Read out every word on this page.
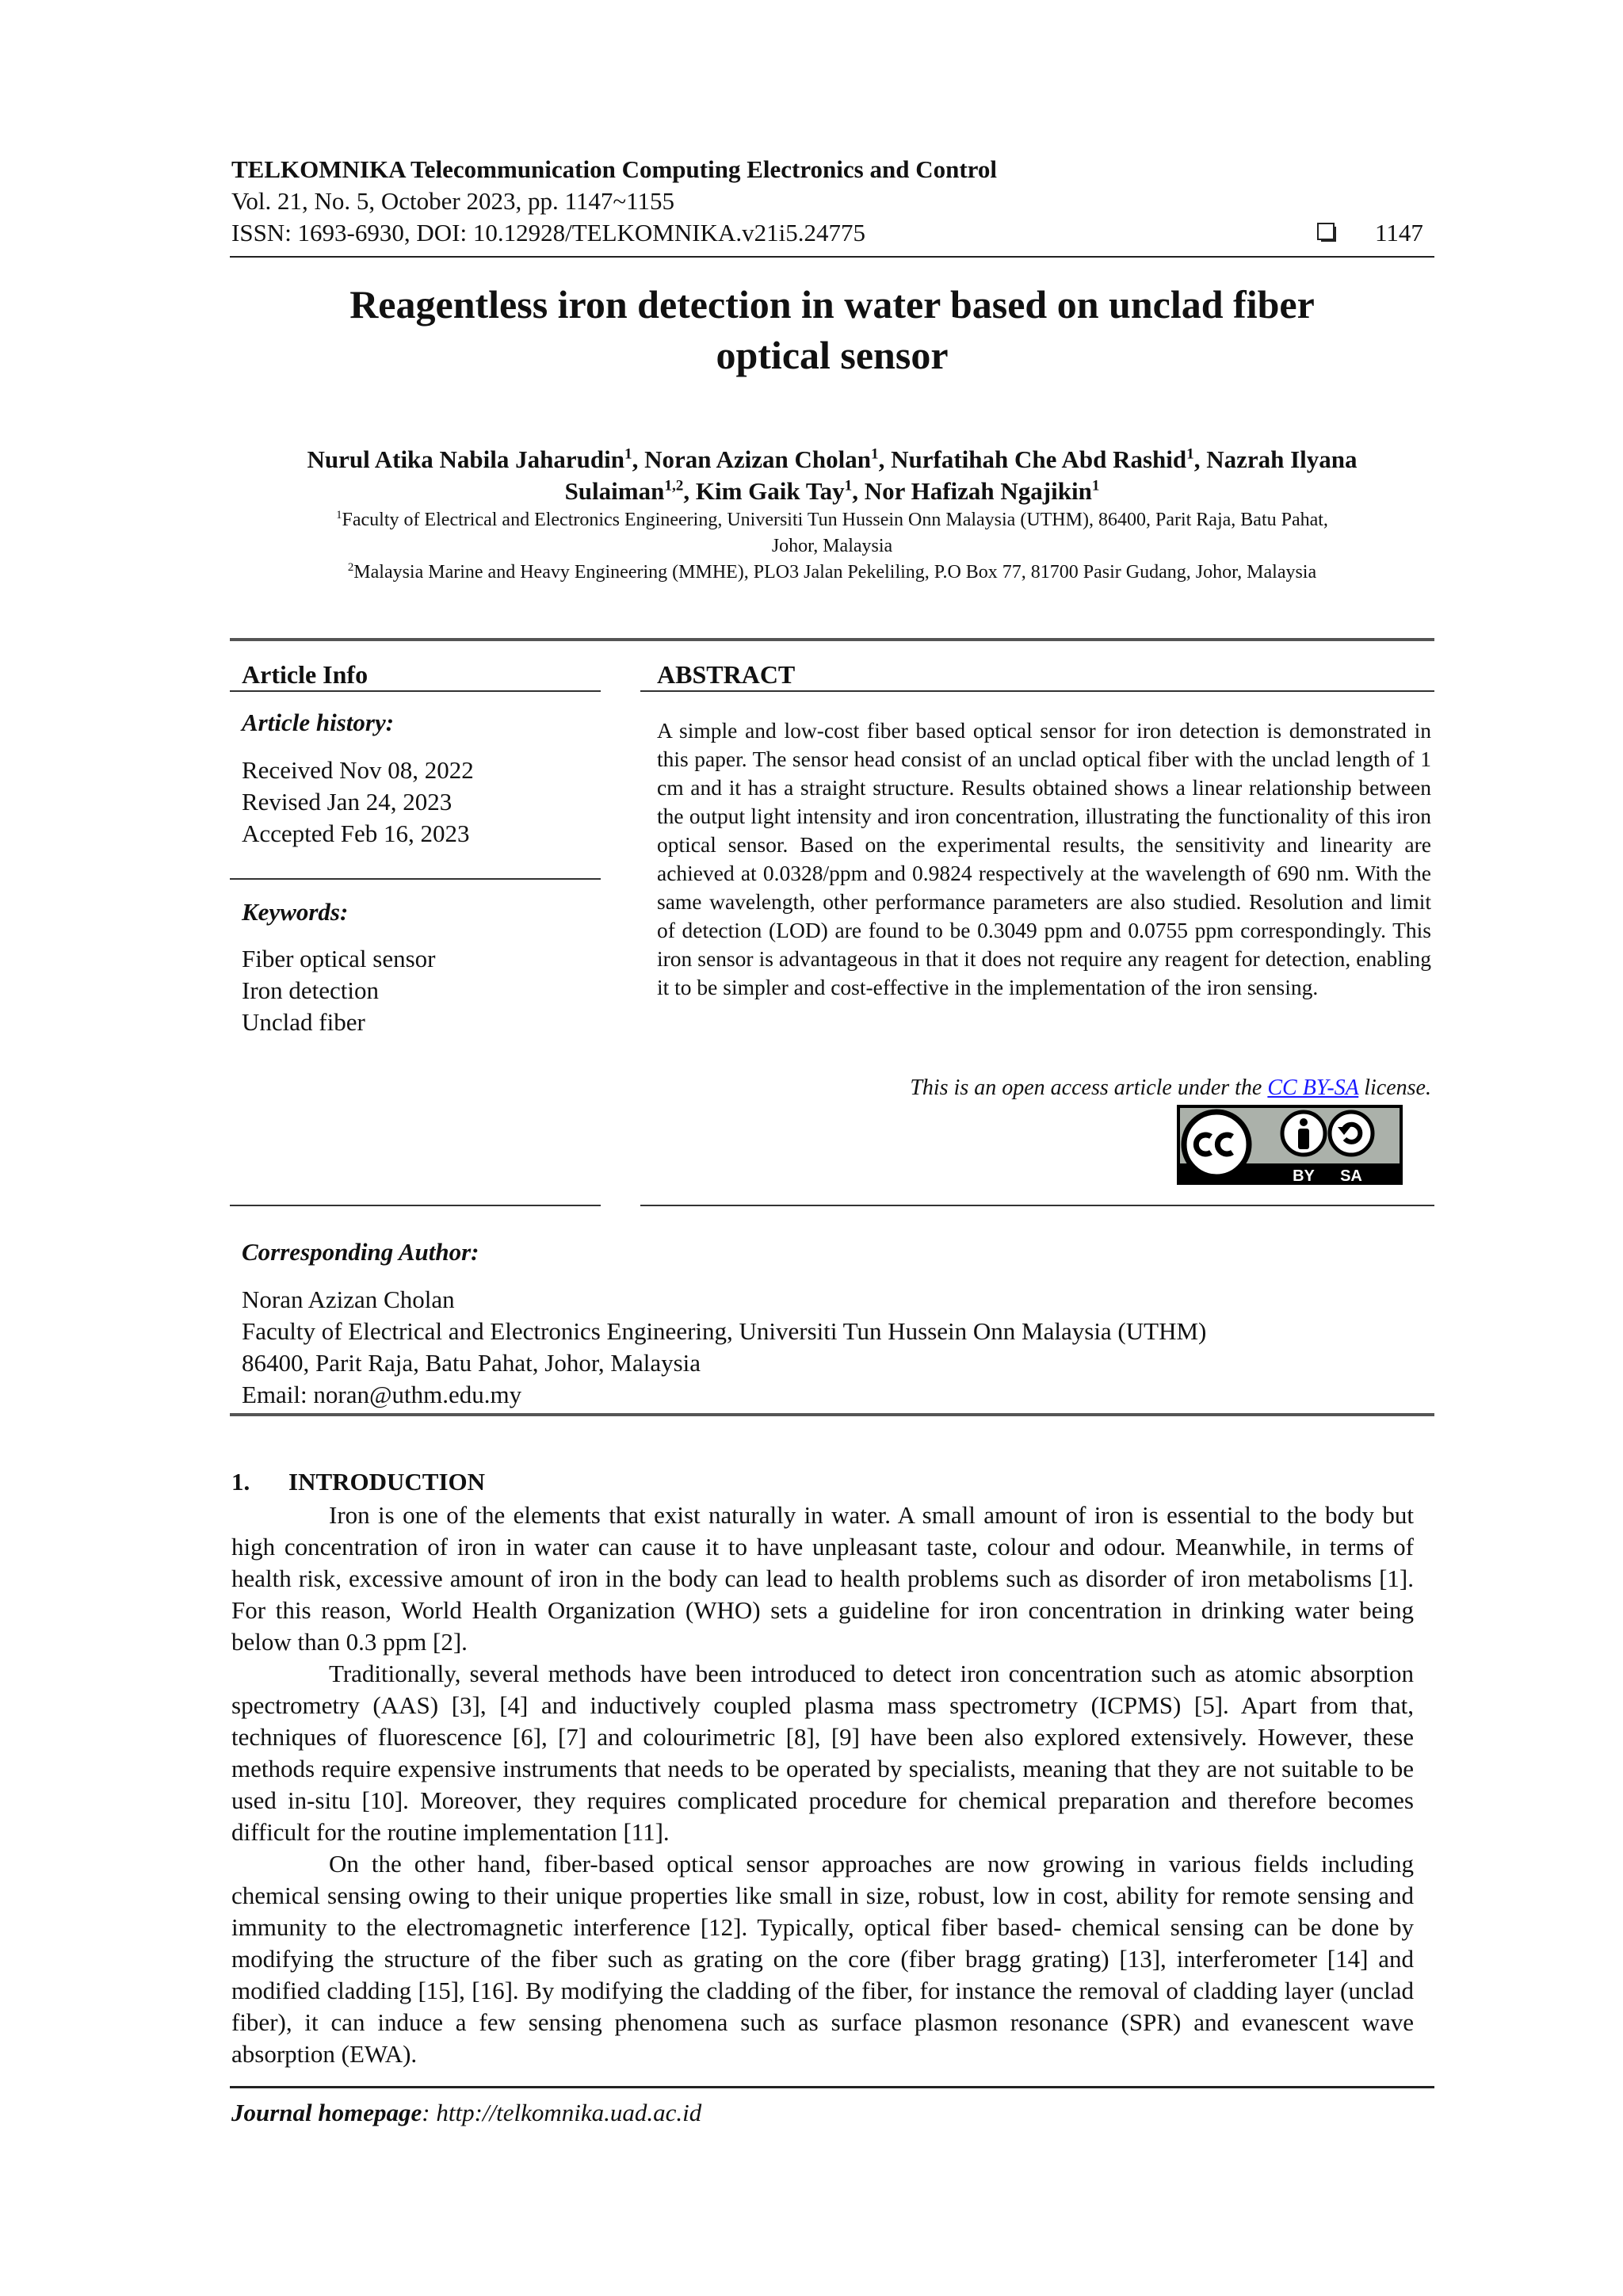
TELKOMNIKA Telecommunication Computing Electronics and Control
Vol. 21, No. 5, October 2023, pp. 1147~1155
ISSN: 1693-6930, DOI: 10.12928/TELKOMNIKA.v21i5.24775	1147
Reagentless iron detection in water based on unclad fiber
optical sensor
Nurul Atika Nabila Jaharudin$^1$, Noran Azizan Cholan$^1$, Nurfatihah Che Abd Rashid$^1$, Nazrah Ilyana
Sulaiman$^{1,2}$, Kim Gaik Tay$^1$, Nor Hafizah Ngajikin$^1$
$^1$Faculty of Electrical and Electronics Engineering, Universiti Tun Hussein Onn Malaysia (UTHM), 86400, Parit Raja, Batu Pahat,
Johor, Malaysia
$^2$Malaysia Marine and Heavy Engineering (MMHE), PLO3 Jalan Pekeliling, P.O Box 77, 81700 Pasir Gudang, Johor, Malaysia
Article Info
Article history:
Received Nov 08, 2022
Revised Jan 24, 2023
Accepted Feb 16, 2023
Keywords:
Fiber optical sensor
Iron detection
Unclad fiber
ABSTRACT
A simple and low-cost fiber based optical sensor for iron detection is demonstrated in this paper. The sensor head consist of an unclad optical fiber with the unclad length of 1 cm and it has a straight structure. Results obtained shows a linear relationship between the output light intensity and iron concentration, illustrating the functionality of this iron optical sensor. Based on the experimental results, the sensitivity and linearity are achieved at 0.0328/ppm and 0.9824 respectively at the wavelength of 690 nm. With the same wavelength, other performance parameters are also studied. Resolution and limit of detection (LOD) are found to be 0.3049 ppm and 0.0755 ppm correspondingly. This iron sensor is advantageous in that it does not require any reagent for detection, enabling it to be simpler and cost-effective in the implementation of the iron sensing.
This is an open access article under the CC BY-SA license.
BY SA
Corresponding Author:
Noran Azizan Cholan
Faculty of Electrical and Electronics Engineering, Universiti Tun Hussein Onn Malaysia (UTHM)
86400, Parit Raja, Batu Pahat, Johor, Malaysia
Email: noran@uthm.edu.my
1. INTRODUCTION

Iron is one of the elements that exist naturally in water. A small amount of iron is essential to the body but high concentration of iron in water can cause it to have unpleasant taste, colour and odour. Meanwhile, in terms of health risk, excessive amount of iron in the body can lead to health problems such as disorder of iron metabolisms [1]. For this reason, World Health Organization (WHO) sets a guideline for iron concentration in drinking water being below than 0.3 ppm [2].

Traditionally, several methods have been introduced to detect iron concentration such as atomic absorption spectrometry (AAS) [3], [4] and inductively coupled plasma mass spectrometry (ICPMS) [5]. Apart from that, techniques of fluorescence [6], [7] and colourimetric [8], [9] have been also explored extensively. However, these methods require expensive instruments that needs to be operated by specialists, meaning that they are not suitable to be used in-situ [10]. Moreover, they requires complicated procedure for chemical preparation and therefore becomes difficult for the routine implementation [11].

On the other hand, fiber-based optical sensor approaches are now growing in various fields including chemical sensing owing to their unique properties like small in size, robust, low in cost, ability for remote sensing and immunity to the electromagnetic interference [12]. Typically, optical fiber based- chemical sensing can be done by modifying the structure of the fiber such as grating on the core (fiber bragg grating) [13], interferometer [14] and modified cladding [15], [16]. By modifying the cladding of the fiber, for instance the removal of cladding layer (unclad fiber), it can induce a few sensing phenomena such as surface plasmon resonance (SPR) and evanescent wave absorption (EWA).

Journal homepage: http://telkomnika.uad.ac.id
